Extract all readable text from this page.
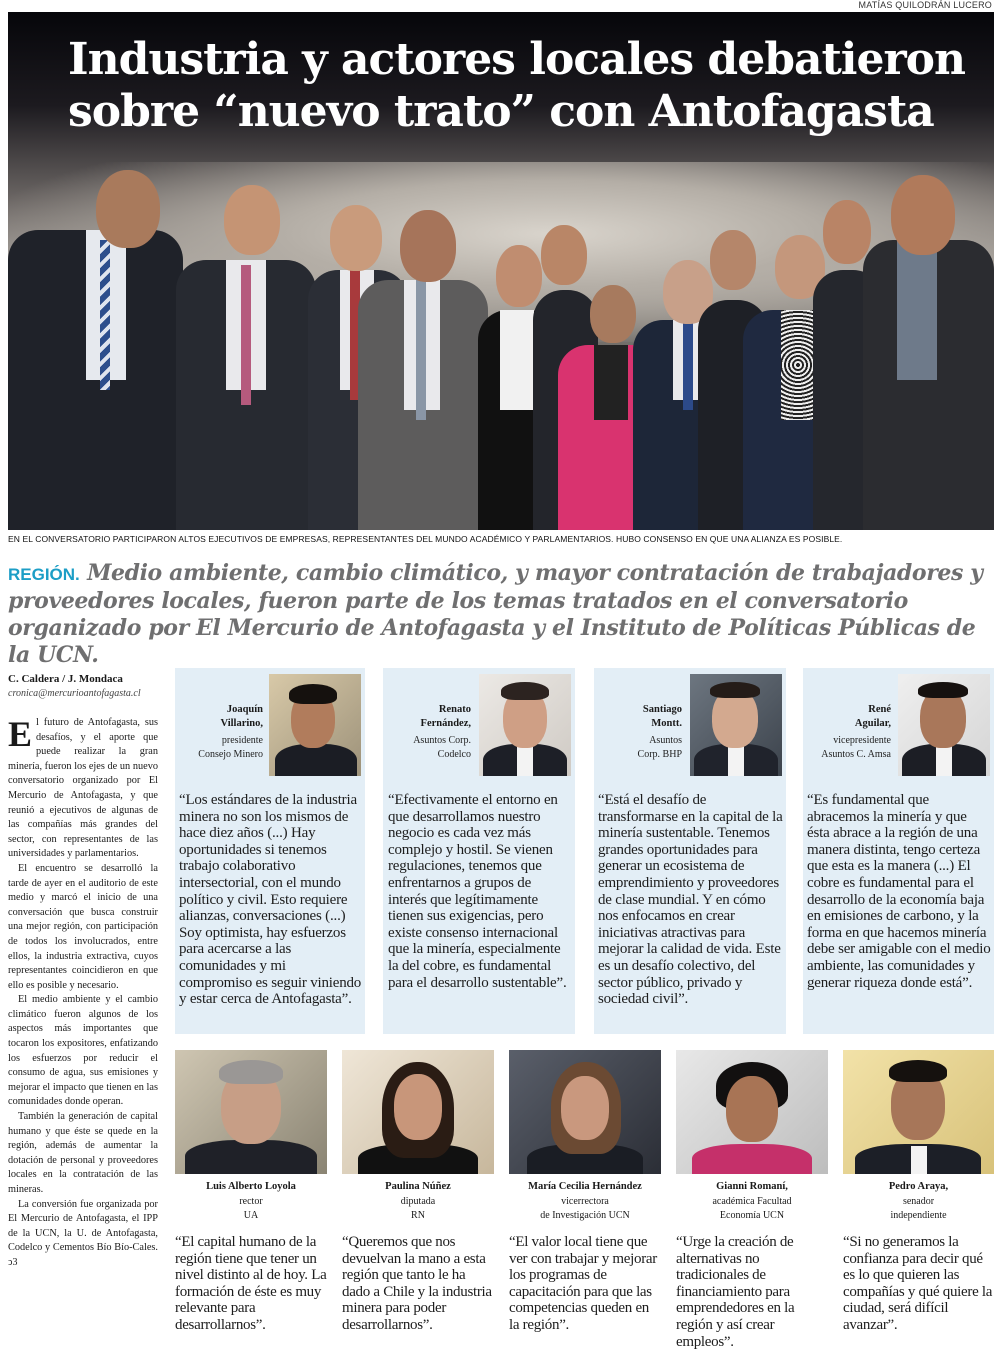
MATÍAS QUILODRÁN LUCERO
Industria y actores locales debatieron
sobre “nuevo trato” con Antofagasta
EN EL CONVERSATORIO PARTICIPARON ALTOS EJECUTIVOS DE EMPRESAS, REPRESENTANTES DEL MUNDO ACADÉMICO Y PARLAMENTARIOS. HUBO CONSENSO EN QUE UNA ALIANZA ES POSIBLE.
REGIÓN. Medio ambiente, cambio climático, y mayor contratación de trabajadores y proveedores locales, fueron parte de los temas tratados en el conversatorio organizado por El Mercurio de Antofagasta y el Instituto de Políticas Públicas de la UCN.
C. Caldera / J. Mondaca
cronica@mercurioantofagasta.cl

El futuro de Antofagasta, sus desafíos, y el aporte que puede realizar la gran minería, fueron los ejes de un nuevo conversatorio organizado por El Mercurio de Antofagasta, y que reunió a ejecutivos de algunas de las compañías más grandes del sector, con representantes de las universidades y parlamentarios.

El encuentro se desarrolló la tarde de ayer en el auditorio de este medio y marcó el inicio de una conversación que busca construir una mejor región, con participación de todos los involucrados, entre ellos, la industria extractiva, cuyos representantes coincidieron en que ello es posible y necesario.

El medio ambiente y el cambio climático fueron algunos de los aspectos más importantes que tocaron los expositores, enfatizando los esfuerzos por reducir el consumo de agua, sus emisiones y mejorar el impacto que tienen en las comunidades donde operan.

También la generación de capital humano y que éste se quede en la región, además de aumentar la dotación de personal y proveedores locales en la contratación de las mineras.

La conversión fue organizada por El Mercurio de Antofagasta, el IPP de la UCN, la U. de Antofagasta, Codelco y Cementos Bío Bío-Cales. ↄ3

Joaquín
Villarino,
presidente
Consejo Minero
“Los estándares de la industria minera no son los mismos de hace diez años (...) Hay oportunidades si tenemos trabajo colaborativo intersectorial, con el mundo político y civil. Esto requiere alianzas, conversaciones (...) Soy optimista, hay esfuerzos para acercarse a las comunidades y mi compromiso es seguir viniendo y estar cerca de Antofagasta”.
Renato
Fernández,
Asuntos Corp.
Codelco
“Efectivamente el entorno en que desarrollamos nuestro negocio es cada vez más complejo y hostil. Se vienen regulaciones, tenemos que enfrentarnos a grupos de interés que legítimamente tienen sus exigencias, pero existe consenso internacional que la minería, especialmente la del cobre, es fundamental para el desarrollo sustentable”.
Santiago
Montt.
Asuntos
Corp. BHP
“Está el desafío de transformarse en la capital de la minería sustentable. Tenemos grandes oportunidades para generar un ecosistema de emprendimiento y proveedores de clase mundial. Y en cómo nos enfocamos en crear iniciativas atractivas para mejorar la calidad de vida. Este es un desafío colectivo, del sector público, privado y sociedad civil”.
René
Aguilar,
vicepresidente
Asuntos C. Amsa
“Es fundamental que abracemos la minería y que ésta abrace a la región de una manera distinta, tengo certeza que esta es la manera (...) El cobre es fundamental para el desarrollo de la economía baja en emisiones de carbono, y la forma en que hacemos minería debe ser amigable con el medio ambiente, las comunidades y generar riqueza donde está”.
Luis Alberto Loyola
rector
UA
“El capital humano de la región tiene que tener un nivel distinto al de hoy. La formación de éste es muy relevante para desarrollarnos”.
Paulina Núñez
diputada
RN
“Queremos que nos devuelvan la mano a esta región que tanto le ha dado a Chile y la industria minera para poder desarrollarnos”.
María Cecilia Hernández
vicerrectora
de Investigación UCN
“El valor local tiene que ver con trabajar y mejorar los programas de capacitación para que las competencias queden en la región”.
Gianni Romaní,
académica Facultad
Economía UCN
“Urge la creación de alternativas no tradicionales de financiamiento para emprendedores en la región y así crear empleos”.
Pedro Araya,
senador
independiente
“Si no generamos la confianza para decir qué es lo que quieren las compañías y qué quiere la ciudad, será difícil avanzar”.
